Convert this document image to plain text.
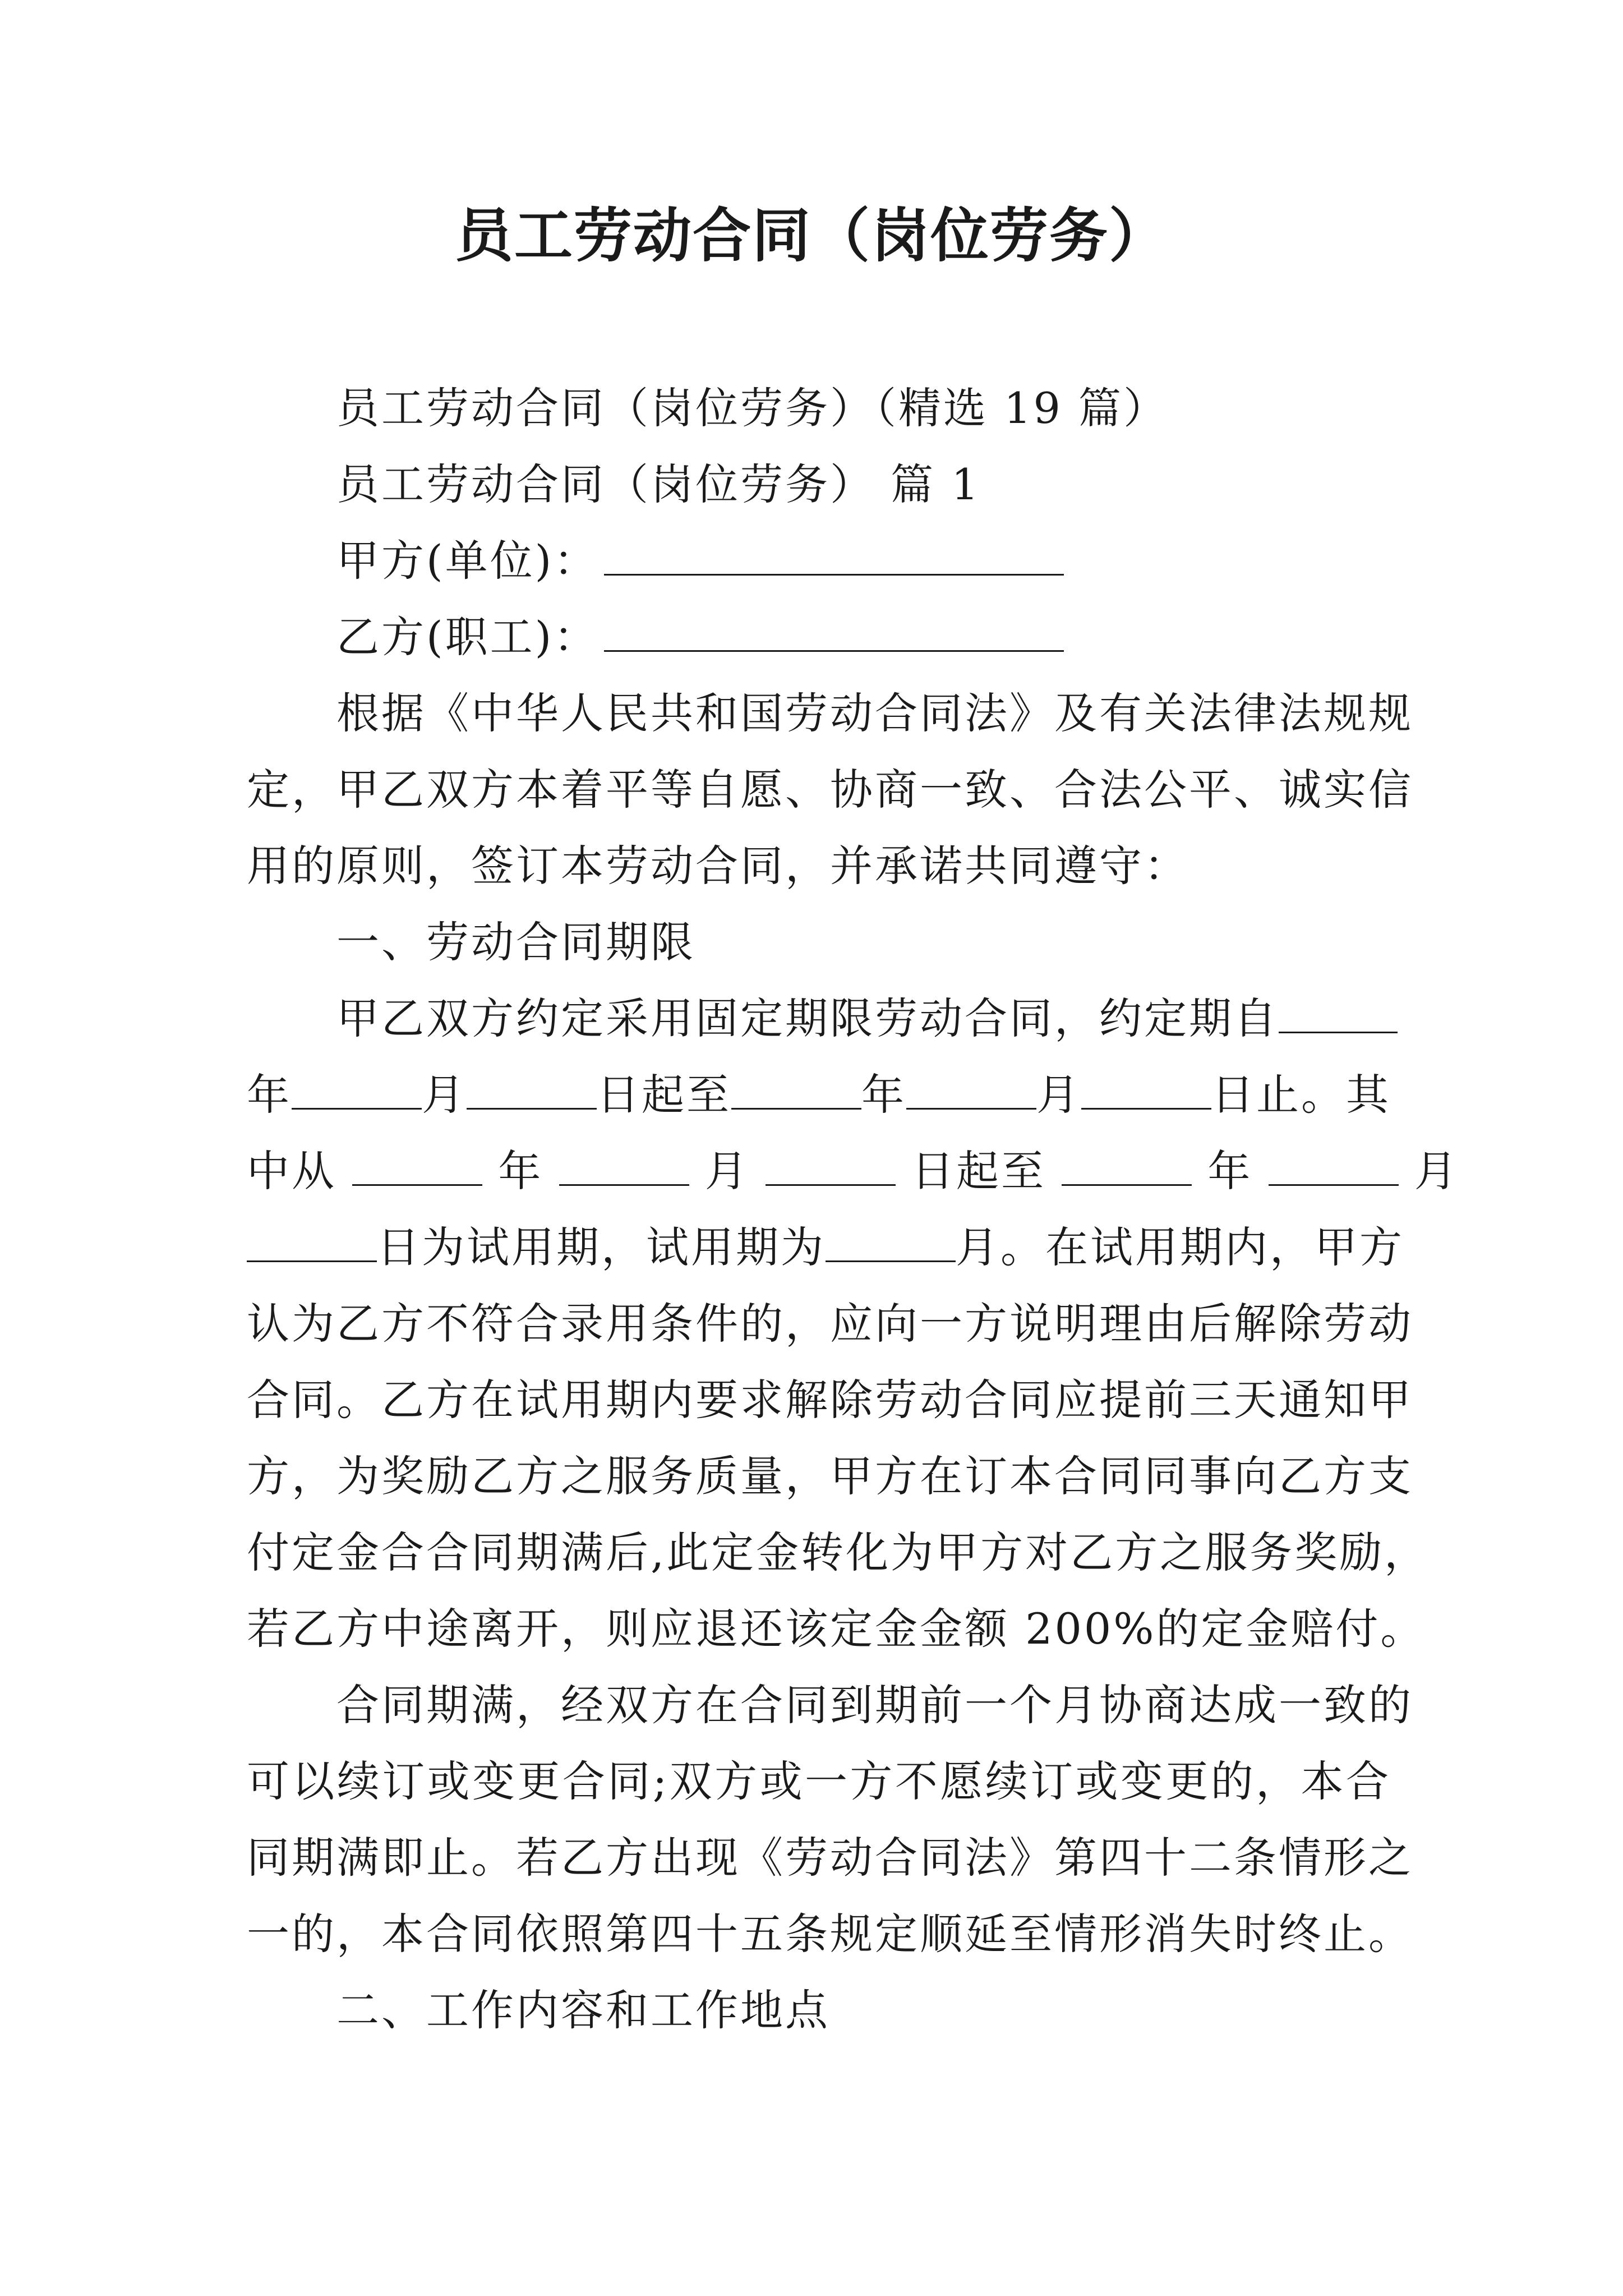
员工劳动合同（岗位劳务）
员工劳动合同（岗位劳务）（精选 19 篇）
员工劳动合同（岗位劳务） 篇 1
甲方(单位)：
乙方(职工)：
根据《中华人民共和国劳动合同法》及有关法律法规规
定，甲乙双方本着平等自愿、协商一致、合法公平、诚实信
用的原则，签订本劳动合同，并承诺共同遵守：
一、劳动合同期限
甲乙双方约定采用固定期限劳动合同，约定期自
年	月	日起至	年	月	日止。其
中从	年	月	日起至	年	月
日为试用期，试用期为	月。在试用期内，甲方
认为乙方不符合录用条件的，应向一方说明理由后解除劳动
合同。乙方在试用期内要求解除劳动合同应提前三天通知甲
方，为奖励乙方之服务质量，甲方在订本合同同事向乙方支
付定金合合同期满后,此定金转化为甲方对乙方之服务奖励，
若乙方中途离开，则应退还该定金金额 200%的定金赔付。
合同期满，经双方在合同到期前一个月协商达成一致的
可以续订或变更合同;双方或一方不愿续订或变更的，本合
同期满即止。若乙方出现《劳动合同法》第四十二条情形之
一的，本合同依照第四十五条规定顺延至情形消失时终止。
二、工作内容和工作地点
